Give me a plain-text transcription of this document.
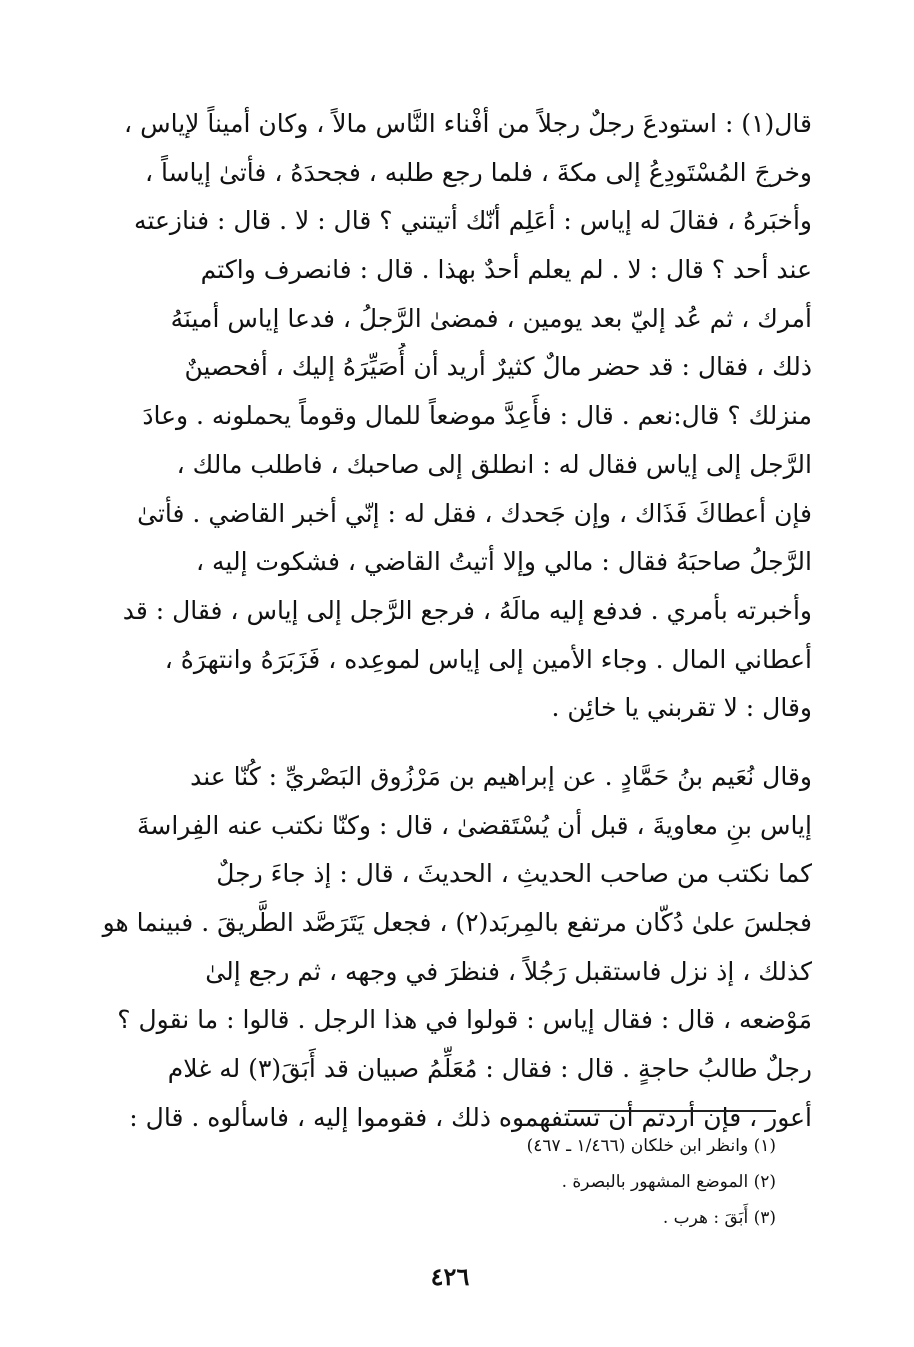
قال(١) : استودعَ رجلٌ رجلاً من أفْناء النَّاس مالاً ، وكان أميناً لإياس ،
وخرجَ المُسْتَودِعُ إلى مكةَ ، فلما رجع طلبه ، فجحدَهُ ، فأتىٰ إياساً ،
وأخبَرهُ ، فقالَ له إياس : أعَلِم أنّك أتيتني ؟ قال : لا . قال : فنازعته
عند أحد ؟ قال : لا . لم يعلم أحدٌ بهذا . قال : فانصرف واكتم
أمرك ، ثم عُد إليّ بعد يومين ، فمضىٰ الرَّجلُ ، فدعا إياس أمينَهُ
ذلك ، فقال : قد حضر مالٌ كثيرٌ أريد أن أُصَيِّرَهُ إليك ، أفحصينٌ
منزلك ؟ قال:نعم . قال : فأَعِدَّ موضعاً للمال وقوماً يحملونه . وعادَ
الرَّجل إلى إياس فقال له : انطلق إلى صاحبك ، فاطلب مالك ،
فإن أعطاكَ فَذَاك ، وإن جَحدك ، فقل له : إنّي أخبر القاضي . فأتىٰ
الرَّجلُ صاحبَهُ فقال : مالي وإلا أتيتُ القاضي ، فشكوت إليه ،
وأخبرته بأمري . فدفع إليه مالَهُ ، فرجع الرَّجل إلى إياس ، فقال : قد
أعطاني المال . وجاء الأمين إلى إياس لموعِده ، فَزَبَرَهُ وانتهرَهُ ،
وقال : لا تقربني يا خائِن .
وقال نُعَيم بنُ حَمَّادٍ . عن إبراهيم بن مَرْزُوق البَصْريِّ : كُنّا عند
إياس بنِ معاويةَ ، قبل أن يُسْتَقضىٰ ، قال : وكنّا نكتب عنه الفِراسةَ
كما نكتب من صاحب الحديثِ ، الحديثَ ، قال : إذ جاءَ رجلٌ
فجلسَ علىٰ دُكّان مرتفع بالمِربَد(٢) ، فجعل يَتَرَصَّد الطَّريقَ . فبينما هو
كذلك ، إذ نزل فاستقبل رَجُلاً ، فنظرَ في وجهه ، ثم رجع إلىٰ
مَوْضعه ، قال : فقال إياس : قولوا في هذا الرجل . قالوا : ما نقول ؟
رجلٌ طالبُ حاجةٍ . قال : فقال : مُعَلِّمُ صبيان قد أَبَقَ(٣) له غلام
أعور ، فإن أردتم أن تستفهموه ذلك ، فقوموا إليه ، فاسألوه . قال :
(١) وانظر ابن خلكان (١/٤٦٦ ـ ٤٦٧)
(٢) الموضع المشهور بالبصرة .
(٣) أَبَقَ : هرب .
٤٢٦
